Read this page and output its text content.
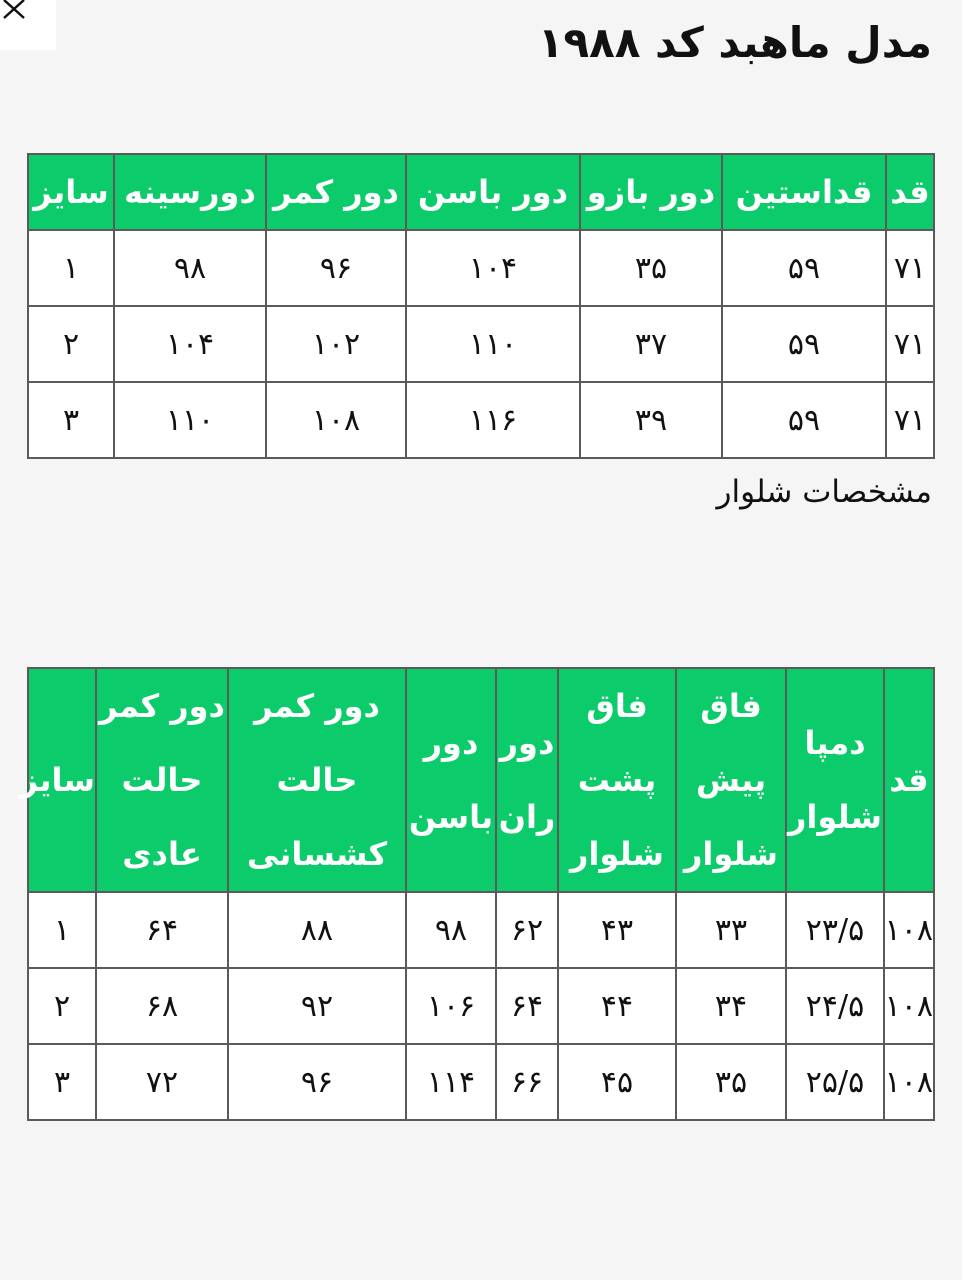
مدل ماهبد کد ۱۹۸۸
قد	قداستین	دور بازو	دور باسن	دور کمر	دورسینه	سایز
۷۱	۵۹	۳۵	۱۰۴	۹۶	۹۸	۱
۷۱	۵۹	۳۷	۱۱۰	۱۰۲	۱۰۴	۲
۷۱	۵۹	۳۹	۱۱۶	۱۰۸	۱۱۰	۳

مشخصات شلوار

قد	دمپا شلوار	فاق پیش شلوار	فاق پشت شلوار	دور ران	دور باسن	دور کمر حالت کشسانی	دور کمر حالت عادی	سایز
۱۰۸	۲۳/۵	۳۳	۴۳	۶۲	۹۸	۸۸	۶۴	۱
۱۰۸	۲۴/۵	۳۴	۴۴	۶۴	۱۰۶	۹۲	۶۸	۲
۱۰۸	۲۵/۵	۳۵	۴۵	۶۶	۱۱۴	۹۶	۷۲	۳
